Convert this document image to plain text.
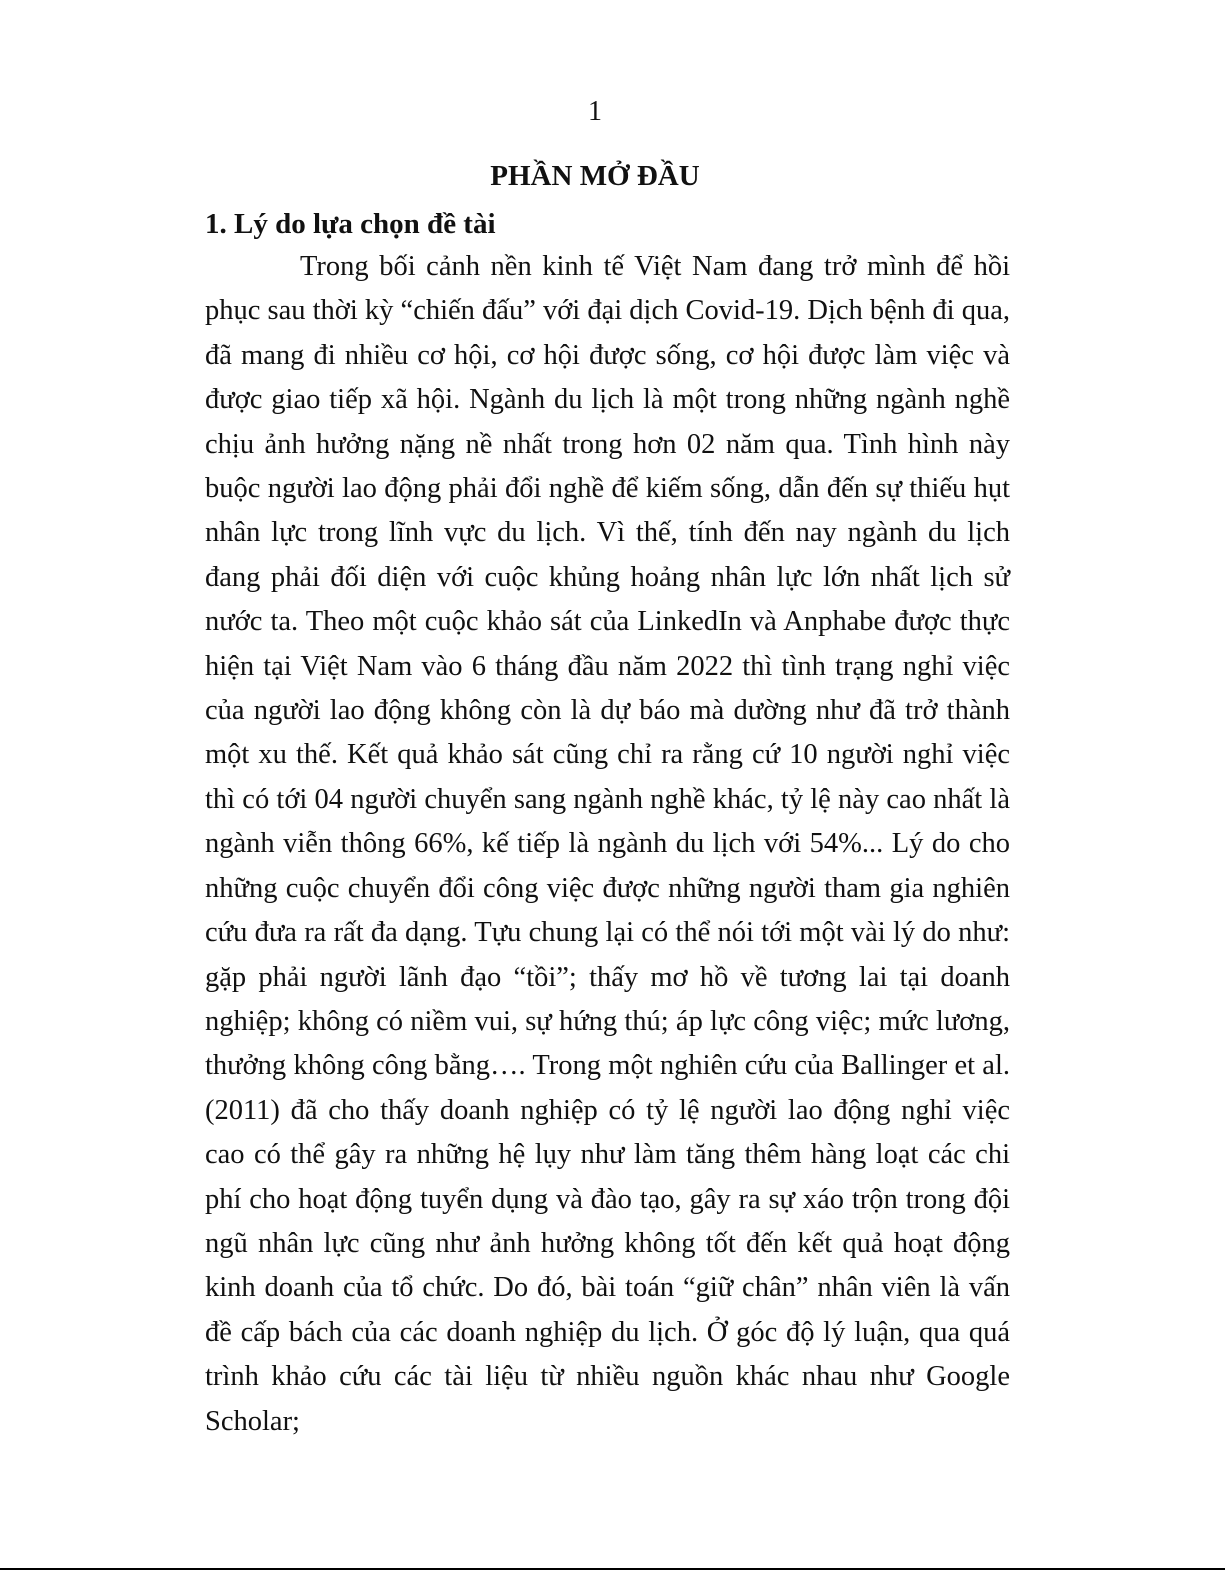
1
PHẦN MỞ ĐẦU
1. Lý do lựa chọn đề tài

Trong bối cảnh nền kinh tế Việt Nam đang trở mình để hồi phục sau thời kỳ “chiến đấu” với đại dịch Covid-19. Dịch bệnh đi qua, đã mang đi nhiều cơ hội, cơ hội được sống, cơ hội được làm việc và được giao tiếp xã hội. Ngành du lịch là một trong những ngành nghề chịu ảnh hưởng nặng nề nhất trong hơn 02 năm qua. Tình hình này buộc người lao động phải đổi nghề để kiếm sống, dẫn đến sự thiếu hụt nhân lực trong lĩnh vực du lịch. Vì thế, tính đến nay ngành du lịch đang phải đối diện với cuộc khủng hoảng nhân lực lớn nhất lịch sử nước ta. Theo một cuộc khảo sát của LinkedIn và Anphabe được thực hiện tại Việt Nam vào 6 tháng đầu năm 2022 thì tình trạng nghỉ việc của người lao động không còn là dự báo mà dường như đã trở thành một xu thế. Kết quả khảo sát cũng chỉ ra rằng cứ 10 người nghỉ việc thì có tới 04 người chuyển sang ngành nghề khác, tỷ lệ này cao nhất là ngành viễn thông 66%, kế tiếp là ngành du lịch với 54%... Lý do cho những cuộc chuyển đổi công việc được những người tham gia nghiên cứu đưa ra rất đa dạng. Tựu chung lại có thể nói tới một vài lý do như: gặp phải người lãnh đạo “tồi”; thấy mơ hồ về tương lai tại doanh nghiệp; không có niềm vui, sự hứng thú; áp lực công việc; mức lương, thưởng không công bằng…. Trong một nghiên cứu của Ballinger et al. (2011) đã cho thấy doanh nghiệp có tỷ lệ người lao động nghỉ việc cao có thể gây ra những hệ lụy như làm tăng thêm hàng loạt các chi phí cho hoạt động tuyển dụng và đào tạo, gây ra sự xáo trộn trong đội ngũ nhân lực cũng như ảnh hưởng không tốt đến kết quả hoạt động kinh doanh của tổ chức. Do đó, bài toán “giữ chân” nhân viên là vấn đề cấp bách của các doanh nghiệp du lịch. Ở góc độ lý luận, qua quá trình khảo cứu các tài liệu từ nhiều nguồn khác nhau như Google Scholar;
